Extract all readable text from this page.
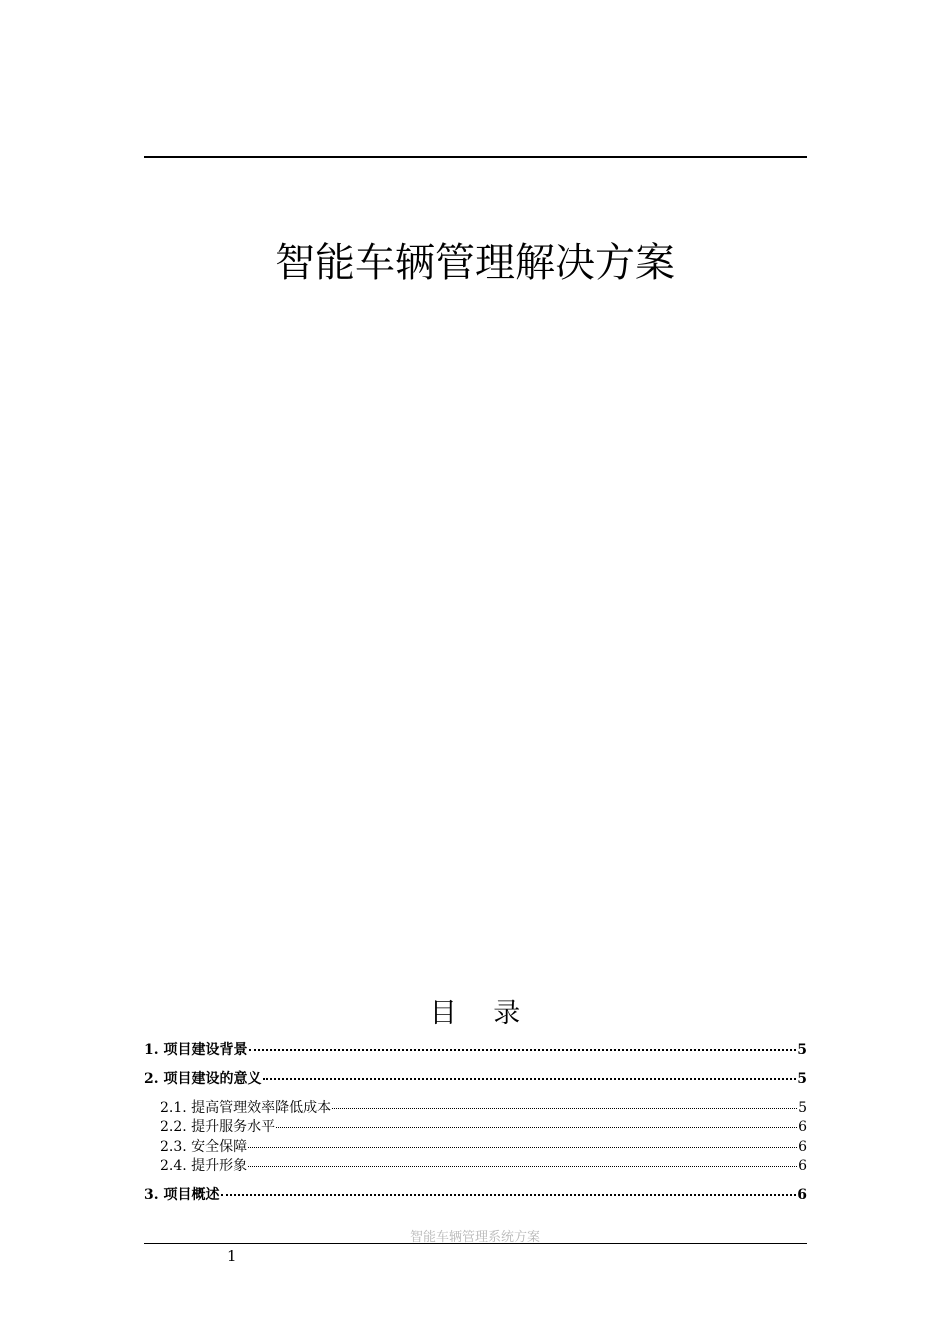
智能车辆管理解决方案
目 录
1. 项目建设背景	5
2. 项目建设的意义	5
2.1. 提高管理效率降低成本	5
2.2. 提升服务水平	6
2.3. 安全保障	6
2.4. 提升形象	6
3. 项目概述	6
智能车辆管理系统方案
1
